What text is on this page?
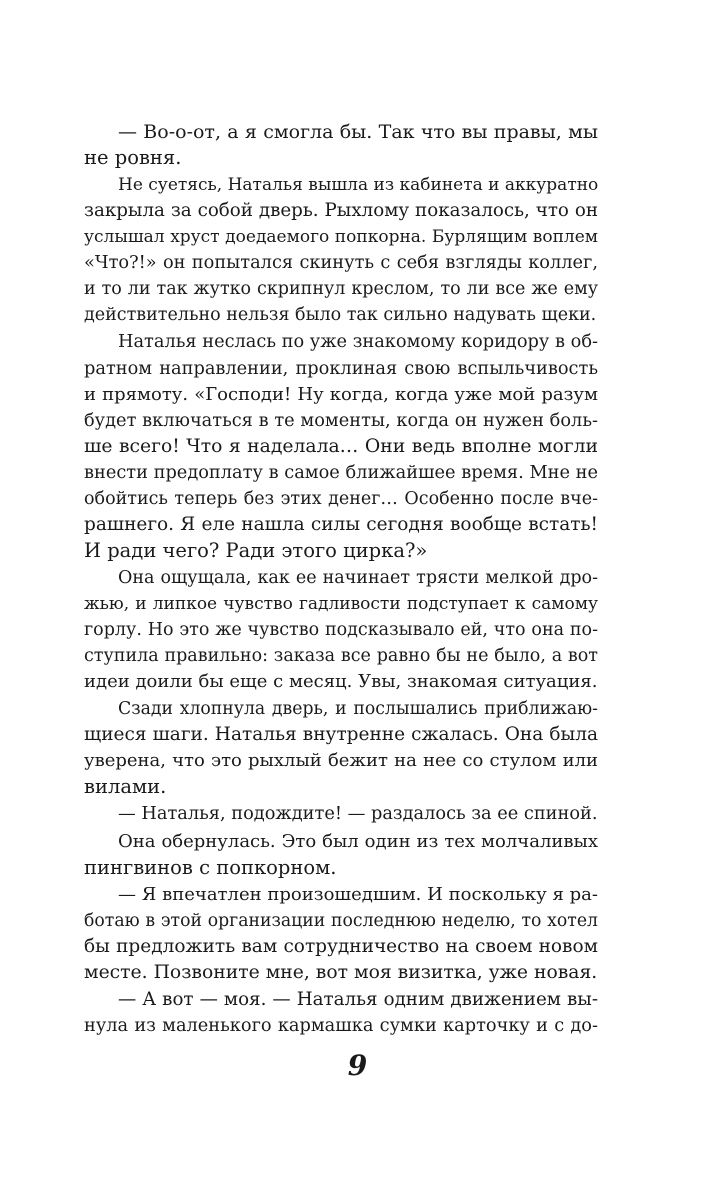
— Во-о-от, а я смогла бы. Так что вы правы, мы

не ровня.

Не суетясь, Наталья вышла из кабинета и аккуратно

закрыла за собой дверь. Рыхлому показалось, что он

услышал хруст доедаемого попкорна. Бурлящим воплем

«Что?!» он попытался скинуть с себя взгляды коллег,

и то ли так жутко скрипнул креслом, то ли все же ему

действительно нельзя было так сильно надувать щеки.

Наталья неслась по уже знакомому коридору в об-

ратном направлении, проклиная свою вспыльчивость

и прямоту. «Господи! Ну когда, когда уже мой разум

будет включаться в те моменты, когда он нужен боль-

ше всего! Что я наделала… Они ведь вполне могли

внести предоплату в самое ближайшее время. Мне не

обойтись теперь без этих денег… Особенно после вче-

рашнего. Я еле нашла силы сегодня вообще встать!

И ради чего? Ради этого цирка?»

Она ощущала, как ее начинает трясти мелкой дро-

жью, и липкое чувство гадливости подступает к самому

горлу. Но это же чувство подсказывало ей, что она по-

ступила правильно: заказа все равно бы не было, а вот

идеи доили бы еще с месяц. Увы, знакомая ситуация.

Сзади хлопнула дверь, и послышались приближаю-

щиеся шаги. Наталья внутренне сжалась. Она была

уверена, что это рыхлый бежит на нее со стулом или

вилами.

— Наталья, подождите! — раздалось за ее спиной.

Она обернулась. Это был один из тех молчаливых

пингвинов с попкорном.

— Я впечатлен произошедшим. И поскольку я ра-

ботаю в этой организации последнюю неделю, то хотел

бы предложить вам сотрудничество на своем новом

месте. Позвоните мне, вот моя визитка, уже новая.

— А вот — моя. — Наталья одним движением вы-

нула из маленького кармашка сумки карточку и с до-

9
